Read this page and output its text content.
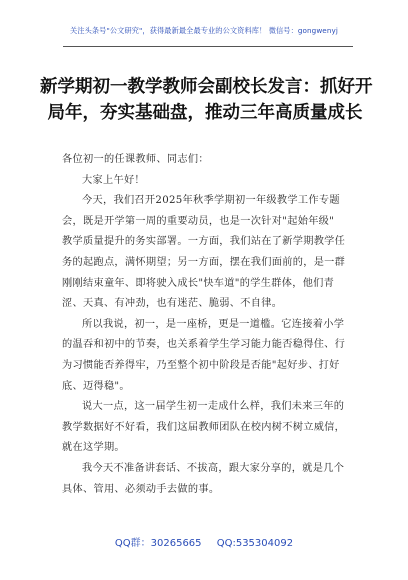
关注头条号"公文研究"，获得最新最全最专业的公文资料库！ 微信号：gongwenyj
新学期初一教学教师会副校长发言：抓好开
局年，夯实基础盘，推动三年高质量成长

各位初一的任课教师、同志们：

大家上午好！

今天，我们召开2025年秋季学期初一年级教学工作专题
会，既是开学第一周的重要动员，也是一次针对"起始年级"
教学质量提升的务实部署。一方面，我们站在了新学期教学任
务的起跑点，满怀期望；另一方面，摆在我们面前的，是一群
刚刚结束童年、即将驶入成长"快车道"的学生群体，他们青
涩、天真、有冲劲，也有迷茫、脆弱、不自律。

所以我说，初一，是一座桥，更是一道槛。它连接着小学
的温吞和初中的节奏，也关系着学生学习能力能否稳得住、行
为习惯能否养得牢，乃至整个初中阶段是否能"起好步、打好
底、迈得稳"。

说大一点，这一届学生初一走成什么样，我们未来三年的
教学数据好不好看，我们这届教师团队在校内树不树立威信，
就在这学期。

我今天不准备讲套话、不拔高，跟大家分享的，就是几个
具体、管用、必须动手去做的事。

QQ群：30265665 QQ:535304092
